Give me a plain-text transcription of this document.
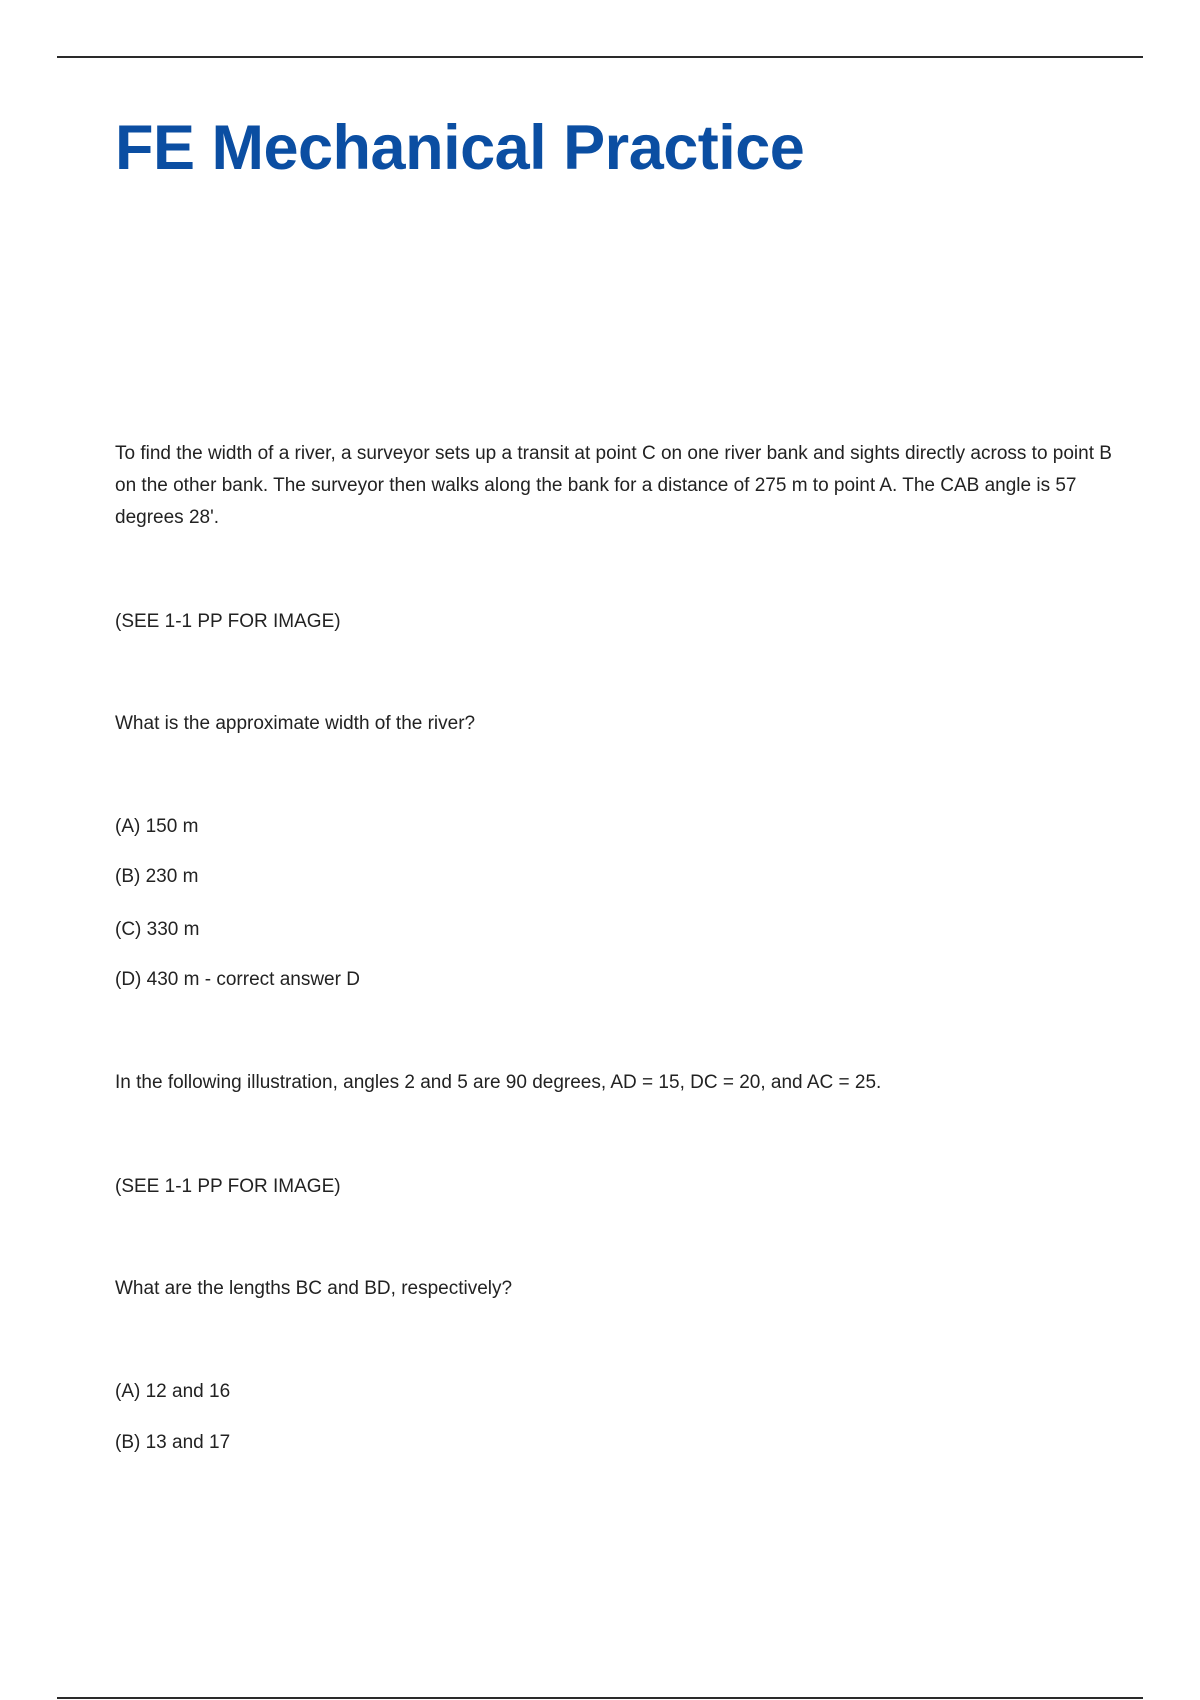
FE Mechanical Practice

To find the width of a river, a surveyor sets up a transit at point C on one river bank and sights directly across to point B on the other bank. The surveyor then walks along the bank for a distance of 275 m to point A. The CAB angle is 57 degrees 28'.

(SEE 1-1 PP FOR IMAGE)

What is the approximate width of the river?

(A) 150 m

(B) 230 m

(C) 330 m

(D) 430 m - correct answer D

In the following illustration, angles 2 and 5 are 90 degrees, AD = 15, DC = 20, and AC = 25.

(SEE 1-1 PP FOR IMAGE)

What are the lengths BC and BD, respectively?

(A) 12 and 16

(B) 13 and 17
